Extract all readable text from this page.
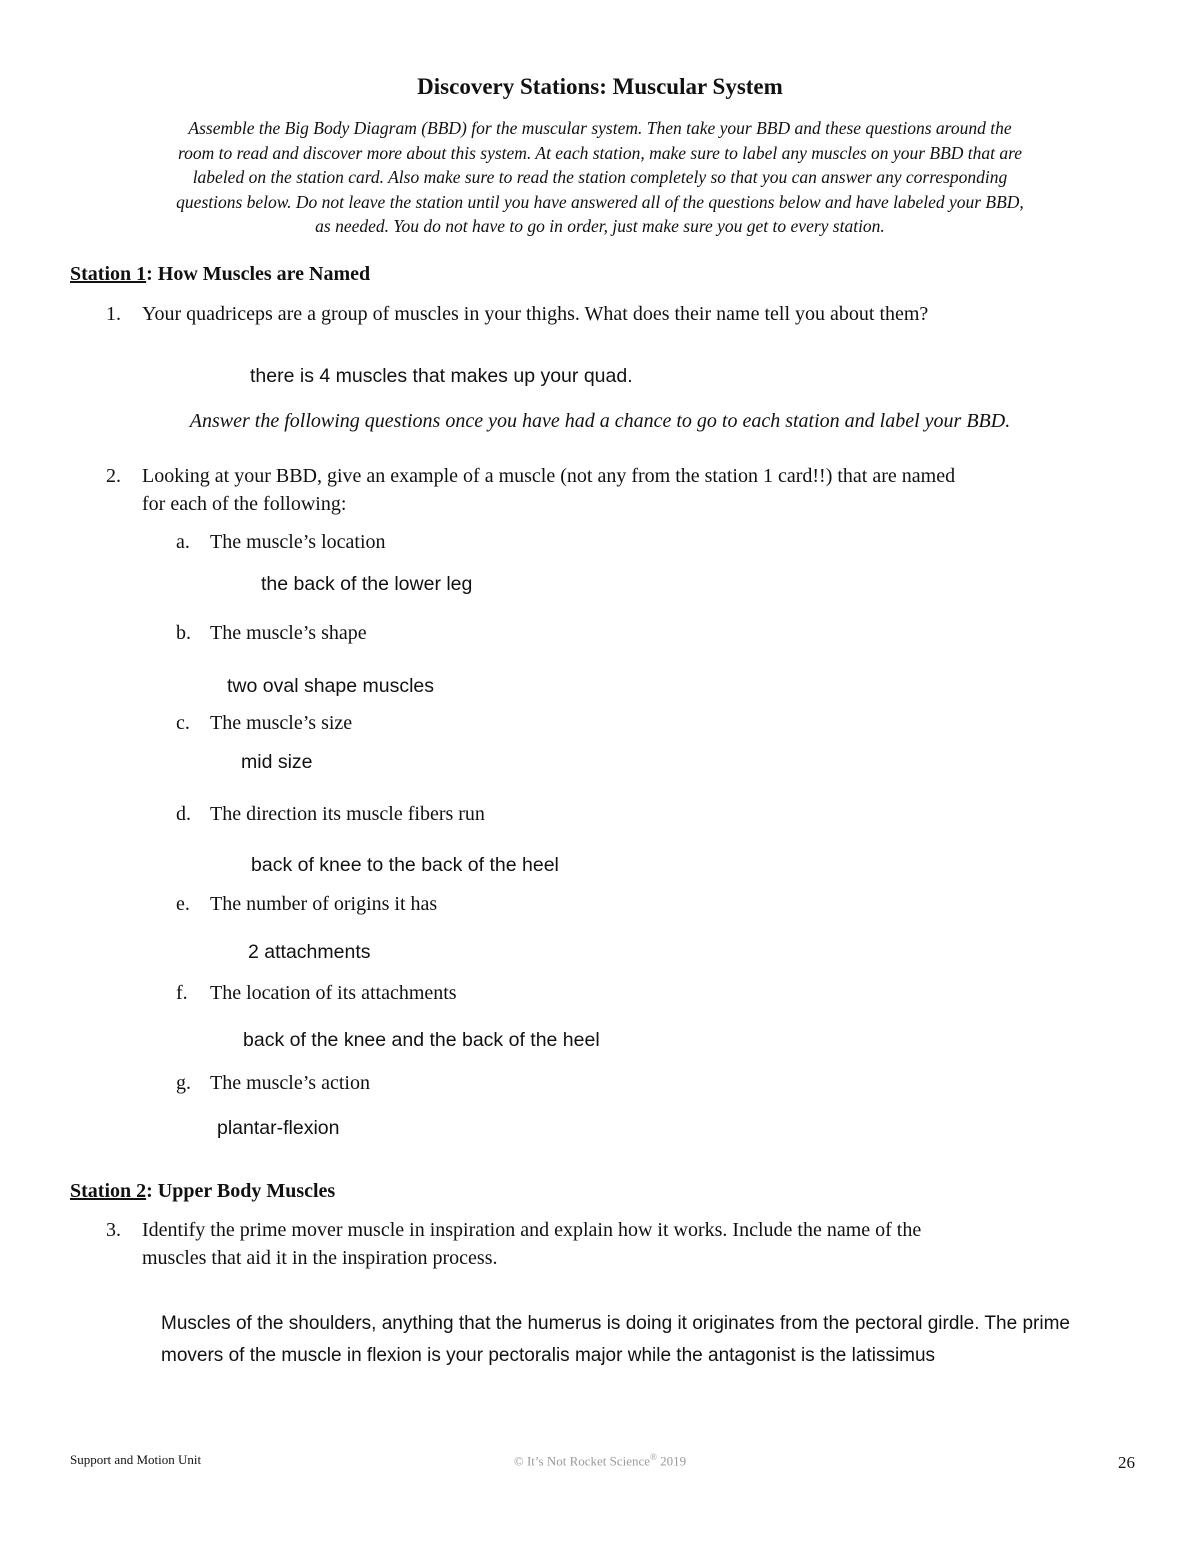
Discovery Stations: Muscular System
Assemble the Big Body Diagram (BBD) for the muscular system. Then take your BBD and these questions around the
room to read and discover more about this system. At each station, make sure to label any muscles on your BBD that are
labeled on the station card. Also make sure to read the station completely so that you can answer any corresponding
questions below. Do not leave the station until you have answered all of the questions below and have labeled your BBD,
as needed. You do not have to go in order, just make sure you get to every station.
Station 1: How Muscles are Named
1. Your quadriceps are a group of muscles in your thighs. What does their name tell you about them?
there is 4 muscles that makes up your quad.
Answer the following questions once you have had a chance to go to each station and label your BBD.
2. Looking at your BBD, give an example of a muscle (not any from the station 1 card!!) that are named
for each of the following:
a. The muscle’s location
the back of the lower leg
b. The muscle’s shape
two oval shape muscles
c. The muscle’s size
mid size
d. The direction its muscle fibers run
back of knee to the back of the heel
e. The number of origins it has
2 attachments
f. The location of its attachments
back of the knee and the back of the heel
g. The muscle’s action
plantar-flexion
Station 2: Upper Body Muscles
3. Identify the prime mover muscle in inspiration and explain how it works. Include the name of the
muscles that aid it in the inspiration process.
Muscles of the shoulders, anything that the humerus is doing it originates from the pectoral girdle. The prime
movers of the muscle in flexion is your pectoralis major while the antagonist is the latissimus
Support and Motion Unit	© It’s Not Rocket Science® 2019	26
